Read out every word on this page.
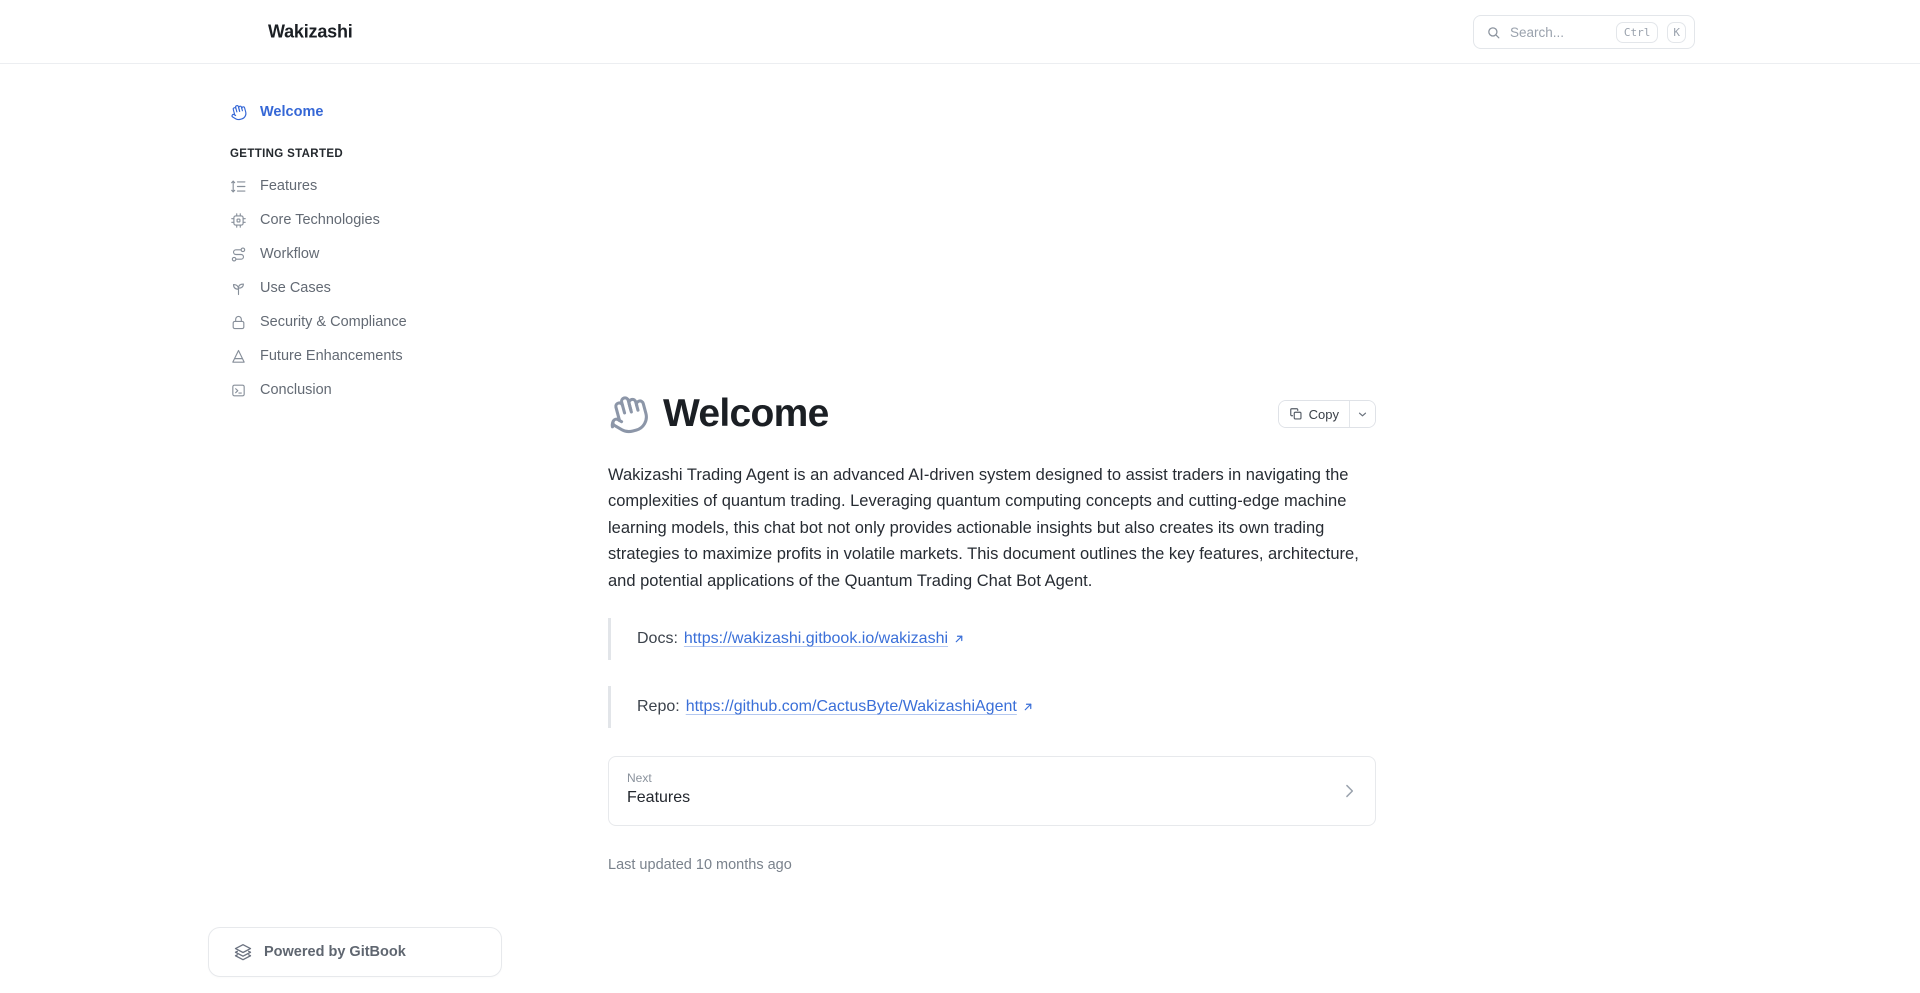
Wakizashi	Search...	Ctrl	K
Welcome
GETTING STARTED
Features
Core Technologies
Workflow
Use Cases
Security & Compliance
Future Enhancements
Conclusion
Powered by GitBook
Welcome	Copy

Wakizashi Trading Agent is an advanced AI-driven system designed to assist traders in navigating the complexities of quantum trading. Leveraging quantum computing concepts and cutting-edge machine learning models, this chat bot not only provides actionable insights but also creates its own trading strategies to maximize profits in volatile markets. This document outlines the key features, architecture, and potential applications of the Quantum Trading Chat Bot Agent.

Docs: https://wakizashi.gitbook.io/wakizashi
Repo: https://github.com/CactusByte/WakizashiAgent
Next
Features
Last updated 10 months ago
